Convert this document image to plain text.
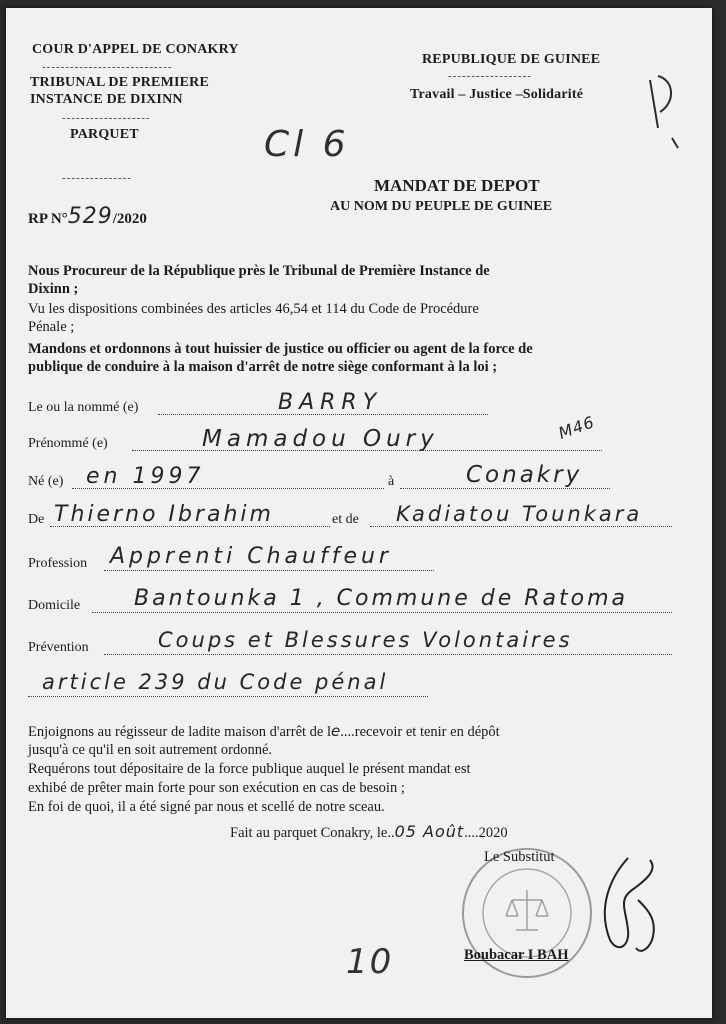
COUR D'APPEL DE CONAKRY
----------------------------
TRIBUNAL DE PREMIERE
INSTANCE DE DIXINN
-------------------
PARQUET
---------------
REPUBLIQUE DE GUINEE
------------------
Travail – Justice –Solidarité
Cl 6
MANDAT DE DEPOT
AU NOM DU PEUPLE DE GUINEE
RP N°529/2020
Nous Procureur de la République près le Tribunal de Première Instance de
Dixinn ;
Vu les dispositions combinées des articles 46,54 et 114 du Code de Procédure
Pénale ;
Mandons et ordonnons à tout huissier de justice ou officier ou agent de la force de
publique de conduire à la maison d'arrêt de notre siège conformant à la loi ;
Le ou la nommé (e)	BARRY
Prénommé (e)	Mamadou Oury	M46
Né (e) en 1997	à	Conakry
De Thierno Ibrahim	et de Kadiatou Tounkara
Profession Apprenti Chauffeur
Domicile Bantounka 1 , Commune de Ratoma
Prévention	Coups et Blessures Volontaires
article 239 du Code pénal
Enjoignons au régisseur de ladite maison d'arrêt de le....recevoir et tenir en dépôt
jusqu'à ce qu'il en soit autrement ordonné.
Requérons tout dépositaire de la force publique auquel le présent mandat est
exhibé de prêter main forte pour son exécution en cas de besoin ;
En foi de quoi, il a été signé par nous et scellé de notre sceau.
Fait au parquet Conakry, le..05 Août....2020
Le Substitut
Boubacar I BAH
10
